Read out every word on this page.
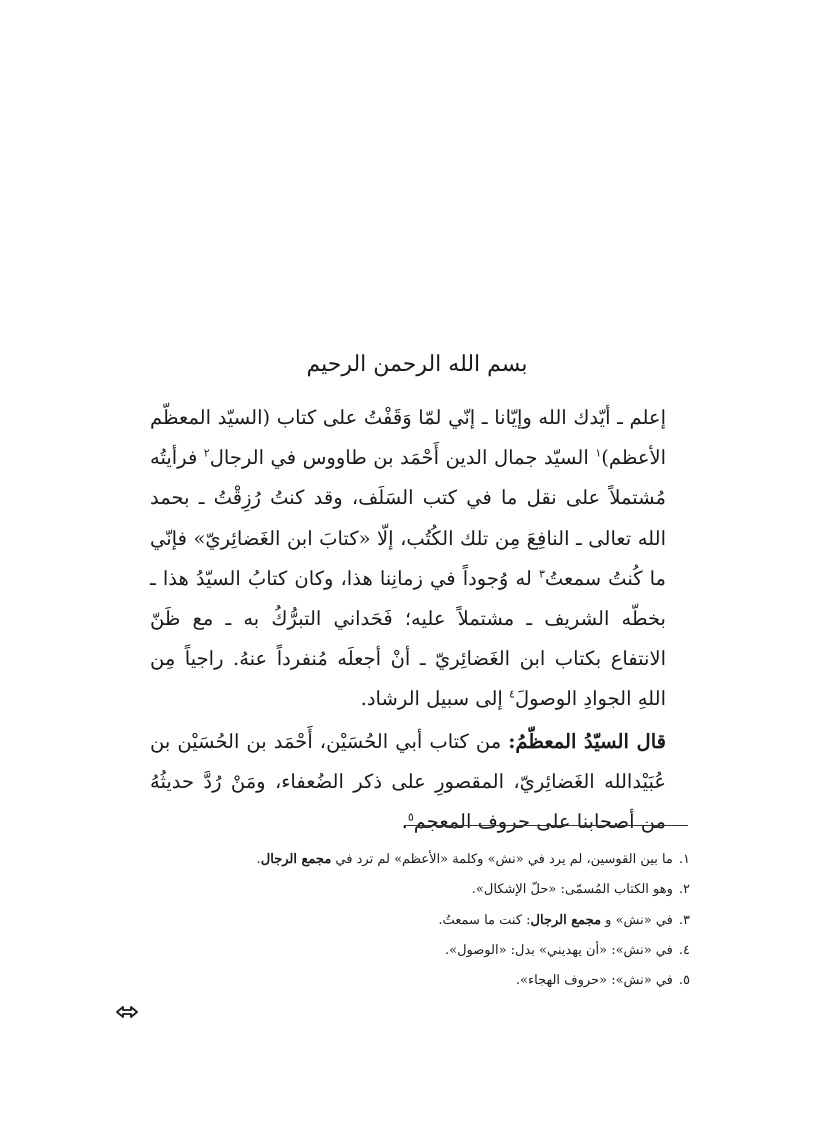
بسم الله الرحمن الرحيم

إعلم ـ أيّدك الله وإيّانا ـ إنّي لمّا وَقَفْتُ على كتاب (السيّد المعظّم الأعظم)$^١$ السيّد جمال الدين أَحْمَد بن طاووس في الرجال$^٢$ فرأيتُه مُشتملاً على نقل ما في كتب السَلَف، وقد كنتُ رُزِقْتُ ـ بحمد الله تعالى ـ النافِعَ مِن تلك الكُتُب، إلّا «كتابَ ابن الغَضائِريّ» فإنّي ما كُنتُ سمعتُ$^٣$ له وُجوداً في زمانِنا هذا، وكان كتابُ السيّدُ هذا ـ بخطّه الشريف ـ مشتملاً عليه؛ فَحَداني التبرُّكُ به ـ مع ظَنّ الانتفاع بكتاب ابن الغَضائِريّ ـ أنْ أجعلَه مُنفرداً عنهُ. راجياً مِن اللهِ الجوادِ الوصولَ$^٤$ إلى سبيل الرشاد.

قال السيّدُ المعظّمُ: من كتاب أبي الحُسَيْن، أَحْمَد بن الحُسَيْن بن عُبَيْدالله الغَضائِريّ، المقصورِ على ذكر الضُعفاء، ومَنْ رُدَّ حديثُهُ من أصحابنا على حروف المعجم$^٥$.

١.ما بين القوسين، لم يرد في «نش» وكلمة «الأعظم» لم ترد في مجمع الرجال.
٢.وهو الكتاب المُسمّى: «حلّ الإشكال».
٣.في «نش» و مجمع الرجال: كنت ما سمعتُ.
٤.في «نش»: «أن يهديني» بدل: «الوصول».
٥.في «نش»: «حروف الهجاء».
